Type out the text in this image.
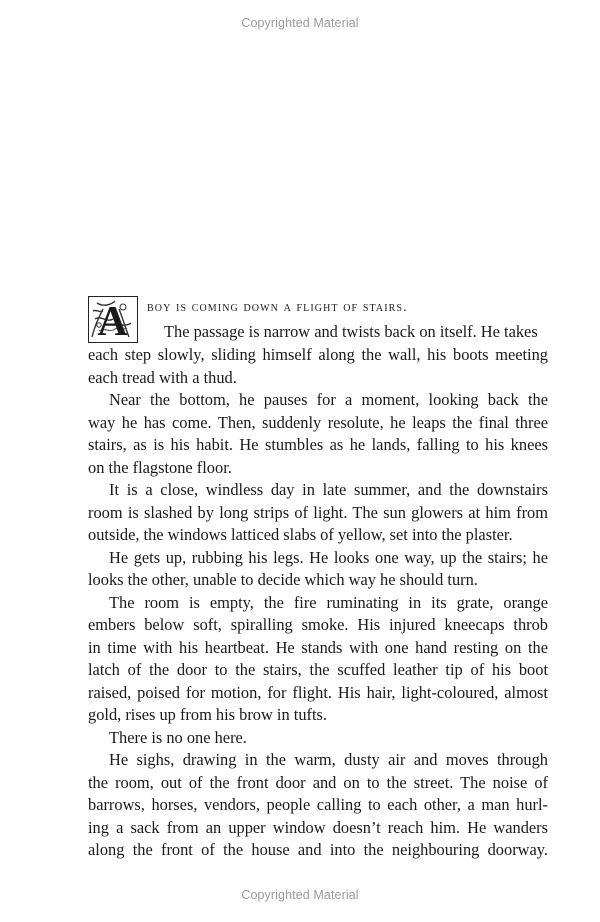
Copyrighted Material
A boy is coming down a flight of stairs.
The passage is narrow and twists back on itself. He takes
each step slowly, sliding himself along the wall, his boots meeting
each tread with a thud.
Near the bottom, he pauses for a moment, looking back the
way he has come. Then, suddenly resolute, he leaps the final three
stairs, as is his habit. He stumbles as he lands, falling to his knees
on the flagstone floor.
It is a close, windless day in late summer, and the downstairs
room is slashed by long strips of light. The sun glowers at him from
outside, the windows latticed slabs of yellow, set into the plaster.
He gets up, rubbing his legs. He looks one way, up the stairs; he
looks the other, unable to decide which way he should turn.
The room is empty, the fire ruminating in its grate, orange
embers below soft, spiralling smoke. His injured kneecaps throb
in time with his heartbeat. He stands with one hand resting on the
latch of the door to the stairs, the scuffed leather tip of his boot
raised, poised for motion, for flight. His hair, light-coloured, almost
gold, rises up from his brow in tufts.
There is no one here.
He sighs, drawing in the warm, dusty air and moves through
the room, out of the front door and on to the street. The noise of
barrows, horses, vendors, people calling to each other, a man hurl-
ing a sack from an upper window doesn’t reach him. He wanders
along the front of the house and into the neighbouring doorway.
Copyrighted Material
